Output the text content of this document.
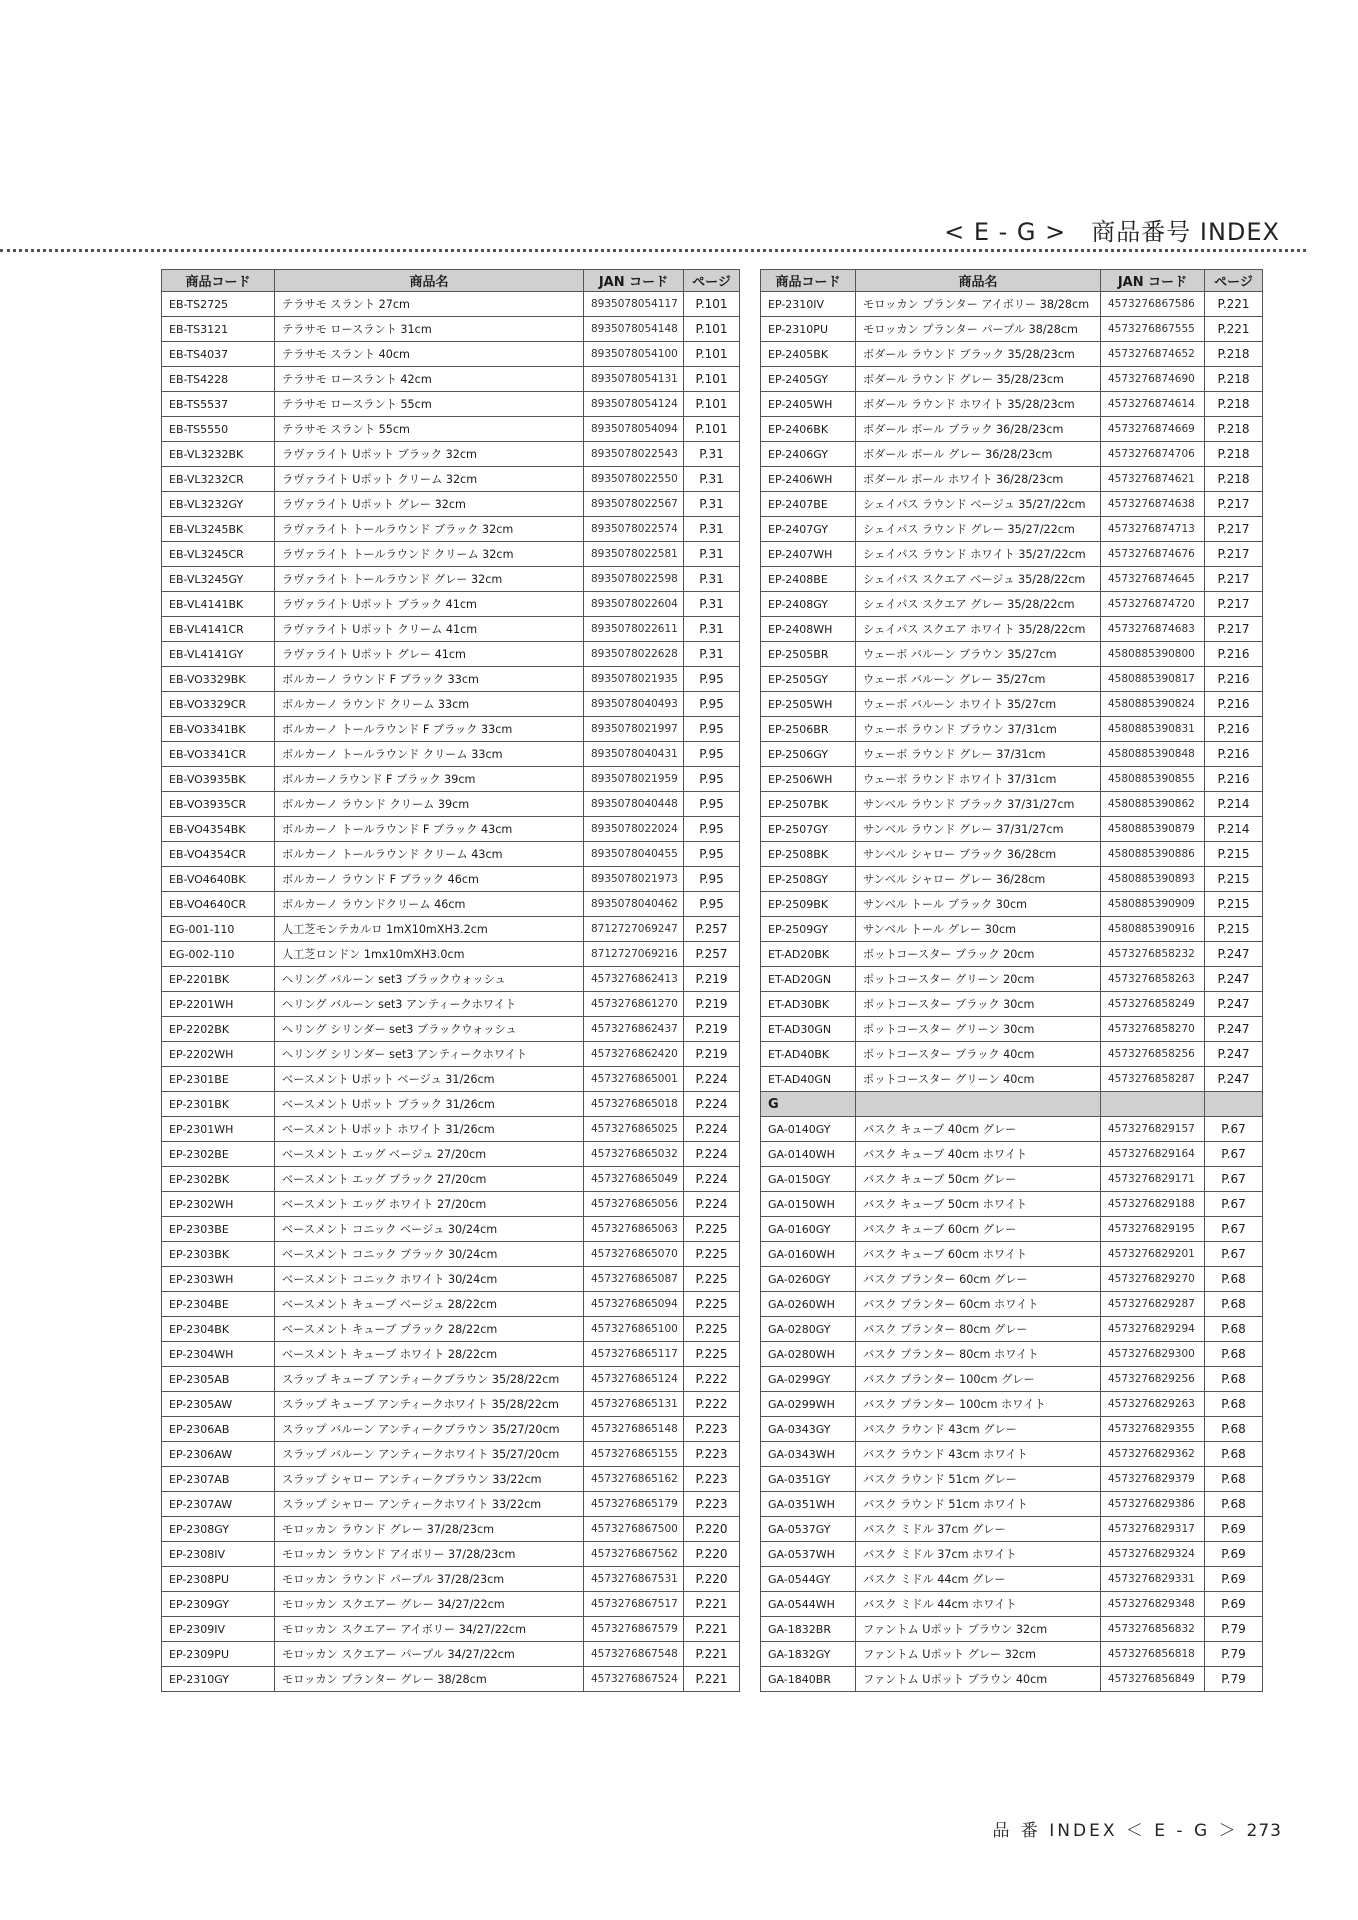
< E - G >　商品番号 INDEX
商品コード	商品名	JAN コード	ページ
EB-TS2725	テラサモ スラント 27cm	8935078054117	P.101
EB-TS3121	テラサモ ロースラント 31cm	8935078054148	P.101
EB-TS4037	テラサモ スラント 40cm	8935078054100	P.101
EB-TS4228	テラサモ ロースラント 42cm	8935078054131	P.101
EB-TS5537	テラサモ ロースラント 55cm	8935078054124	P.101
EB-TS5550	テラサモ スラント 55cm	8935078054094	P.101
EB-VL3232BK	ラヴァライト Uポット ブラック 32cm	8935078022543	P.31
EB-VL3232CR	ラヴァライト Uポット クリーム 32cm	8935078022550	P.31
EB-VL3232GY	ラヴァライト Uポット グレー 32cm	8935078022567	P.31
EB-VL3245BK	ラヴァライト トールラウンド ブラック 32cm	8935078022574	P.31
EB-VL3245CR	ラヴァライト トールラウンド クリーム 32cm	8935078022581	P.31
EB-VL3245GY	ラヴァライト トールラウンド グレー 32cm	8935078022598	P.31
EB-VL4141BK	ラヴァライト Uポット ブラック 41cm	8935078022604	P.31
EB-VL4141CR	ラヴァライト Uポット クリーム 41cm	8935078022611	P.31
EB-VL4141GY	ラヴァライト Uポット グレー 41cm	8935078022628	P.31
EB-VO3329BK	ボルカーノ ラウンド F ブラック 33cm	8935078021935	P.95
EB-VO3329CR	ボルカーノ ラウンド クリーム 33cm	8935078040493	P.95
EB-VO3341BK	ボルカーノ トールラウンド F ブラック 33cm	8935078021997	P.95
EB-VO3341CR	ボルカーノ トールラウンド クリーム 33cm	8935078040431	P.95
EB-VO3935BK	ボルカーノラウンド F ブラック 39cm	8935078021959	P.95
EB-VO3935CR	ボルカーノ ラウンド クリーム 39cm	8935078040448	P.95
EB-VO4354BK	ボルカーノ トールラウンド F ブラック 43cm	8935078022024	P.95
EB-VO4354CR	ボルカーノ トールラウンド クリーム 43cm	8935078040455	P.95
EB-VO4640BK	ボルカーノ ラウンド F ブラック 46cm	8935078021973	P.95
EB-VO4640CR	ボルカーノ ラウンドクリーム 46cm	8935078040462	P.95
EG-001-110	人工芝モンテカルロ 1mX10mXH3.2cm	8712727069247	P.257
EG-002-110	人工芝ロンドン 1mx10mXH3.0cm	8712727069216	P.257
EP-2201BK	ヘリング バルーン set3 ブラックウォッシュ	4573276862413	P.219
EP-2201WH	ヘリング バルーン set3 アンティークホワイト	4573276861270	P.219
EP-2202BK	ヘリング シリンダー set3 ブラックウォッシュ	4573276862437	P.219
EP-2202WH	ヘリング シリンダー set3 アンティークホワイト	4573276862420	P.219
EP-2301BE	ベースメント Uポット ベージュ 31/26cm	4573276865001	P.224
EP-2301BK	ベースメント Uポット ブラック 31/26cm	4573276865018	P.224
EP-2301WH	ベースメント Uポット ホワイト 31/26cm	4573276865025	P.224
EP-2302BE	ベースメント エッグ ベージュ 27/20cm	4573276865032	P.224
EP-2302BK	ベースメント エッグ ブラック 27/20cm	4573276865049	P.224
EP-2302WH	ベースメント エッグ ホワイト 27/20cm	4573276865056	P.224
EP-2303BE	ベースメント コニック ベージュ 30/24cm	4573276865063	P.225
EP-2303BK	ベースメント コニック ブラック 30/24cm	4573276865070	P.225
EP-2303WH	ベースメント コニック ホワイト 30/24cm	4573276865087	P.225
EP-2304BE	ベースメント キューブ ベージュ 28/22cm	4573276865094	P.225
EP-2304BK	ベースメント キューブ ブラック 28/22cm	4573276865100	P.225
EP-2304WH	ベースメント キューブ ホワイト 28/22cm	4573276865117	P.225
EP-2305AB	スラップ キューブ アンティークブラウン 35/28/22cm	4573276865124	P.222
EP-2305AW	スラップ キューブ アンティークホワイト 35/28/22cm	4573276865131	P.222
EP-2306AB	スラップ バルーン アンティークブラウン 35/27/20cm	4573276865148	P.223
EP-2306AW	スラップ バルーン アンティークホワイト 35/27/20cm	4573276865155	P.223
EP-2307AB	スラップ シャロー アンティークブラウン 33/22cm	4573276865162	P.223
EP-2307AW	スラップ シャロー アンティークホワイト 33/22cm	4573276865179	P.223
EP-2308GY	モロッカン ラウンド グレー 37/28/23cm	4573276867500	P.220
EP-2308IV	モロッカン ラウンド アイボリー 37/28/23cm	4573276867562	P.220
EP-2308PU	モロッカン ラウンド パープル 37/28/23cm	4573276867531	P.220
EP-2309GY	モロッカン スクエアー グレー 34/27/22cm	4573276867517	P.221
EP-2309IV	モロッカン スクエアー アイボリー 34/27/22cm	4573276867579	P.221
EP-2309PU	モロッカン スクエアー パープル 34/27/22cm	4573276867548	P.221
EP-2310GY	モロッカン プランター グレー 38/28cm	4573276867524	P.221
商品コード	商品名	JAN コード	ページ
EP-2310IV	モロッカン プランター アイボリー 38/28cm	4573276867586	P.221
EP-2310PU	モロッカン プランター パープル 38/28cm	4573276867555	P.221
EP-2405BK	ボダール ラウンド ブラック 35/28/23cm	4573276874652	P.218
EP-2405GY	ボダール ラウンド グレー 35/28/23cm	4573276874690	P.218
EP-2405WH	ボダール ラウンド ホワイト 35/28/23cm	4573276874614	P.218
EP-2406BK	ボダール ボール ブラック 36/28/23cm	4573276874669	P.218
EP-2406GY	ボダール ボール グレー 36/28/23cm	4573276874706	P.218
EP-2406WH	ボダール ボール ホワイト 36/28/23cm	4573276874621	P.218
EP-2407BE	シェイパス ラウンド ベージュ 35/27/22cm	4573276874638	P.217
EP-2407GY	シェイパス ラウンド グレー 35/27/22cm	4573276874713	P.217
EP-2407WH	シェイパス ラウンド ホワイト 35/27/22cm	4573276874676	P.217
EP-2408BE	シェイパス スクエア ベージュ 35/28/22cm	4573276874645	P.217
EP-2408GY	シェイパス スクエア グレー 35/28/22cm	4573276874720	P.217
EP-2408WH	シェイパス スクエア ホワイト 35/28/22cm	4573276874683	P.217
EP-2505BR	ウェーボ バルーン ブラウン 35/27cm	4580885390800	P.216
EP-2505GY	ウェーボ バルーン グレー 35/27cm	4580885390817	P.216
EP-2505WH	ウェーボ バルーン ホワイト 35/27cm	4580885390824	P.216
EP-2506BR	ウェーボ ラウンド ブラウン 37/31cm	4580885390831	P.216
EP-2506GY	ウェーボ ラウンド グレー 37/31cm	4580885390848	P.216
EP-2506WH	ウェーボ ラウンド ホワイト 37/31cm	4580885390855	P.216
EP-2507BK	サンベル ラウンド ブラック 37/31/27cm	4580885390862	P.214
EP-2507GY	サンベル ラウンド グレー 37/31/27cm	4580885390879	P.214
EP-2508BK	サンベル シャロー ブラック 36/28cm	4580885390886	P.215
EP-2508GY	サンベル シャロー グレー 36/28cm	4580885390893	P.215
EP-2509BK	サンベル トール ブラック 30cm	4580885390909	P.215
EP-2509GY	サンベル トール グレー 30cm	4580885390916	P.215
ET-AD20BK	ポットコースター ブラック 20cm	4573276858232	P.247
ET-AD20GN	ポットコースター グリーン 20cm	4573276858263	P.247
ET-AD30BK	ポットコースター ブラック 30cm	4573276858249	P.247
ET-AD30GN	ポットコースター グリーン 30cm	4573276858270	P.247
ET-AD40BK	ポットコースター ブラック 40cm	4573276858256	P.247
ET-AD40GN	ポットコースター グリーン 40cm	4573276858287	P.247
G			
GA-0140GY	バスク キューブ 40cm グレー	4573276829157	P.67
GA-0140WH	バスク キューブ 40cm ホワイト	4573276829164	P.67
GA-0150GY	バスク キューブ 50cm グレー	4573276829171	P.67
GA-0150WH	バスク キューブ 50cm ホワイト	4573276829188	P.67
GA-0160GY	バスク キューブ 60cm グレー	4573276829195	P.67
GA-0160WH	バスク キューブ 60cm ホワイト	4573276829201	P.67
GA-0260GY	バスク プランター 60cm グレー	4573276829270	P.68
GA-0260WH	バスク プランター 60cm ホワイト	4573276829287	P.68
GA-0280GY	バスク プランター 80cm グレー	4573276829294	P.68
GA-0280WH	バスク プランター 80cm ホワイト	4573276829300	P.68
GA-0299GY	バスク プランター 100cm グレー	4573276829256	P.68
GA-0299WH	バスク プランター 100cm ホワイト	4573276829263	P.68
GA-0343GY	バスク ラウンド 43cm グレー	4573276829355	P.68
GA-0343WH	バスク ラウンド 43cm ホワイト	4573276829362	P.68
GA-0351GY	バスク ラウンド 51cm グレー	4573276829379	P.68
GA-0351WH	バスク ラウンド 51cm ホワイト	4573276829386	P.68
GA-0537GY	バスク ミドル 37cm グレー	4573276829317	P.69
GA-0537WH	バスク ミドル 37cm ホワイト	4573276829324	P.69
GA-0544GY	バスク ミドル 44cm グレー	4573276829331	P.69
GA-0544WH	バスク ミドル 44cm ホワイト	4573276829348	P.69
GA-1832BR	ファントム Uポット ブラウン 32cm	4573276856832	P.79
GA-1832GY	ファントム Uポット グレー 32cm	4573276856818	P.79
GA-1840BR	ファントム Uポット ブラウン 40cm	4573276856849	P.79
品 番 INDEX ＜ E - G ＞ 273
